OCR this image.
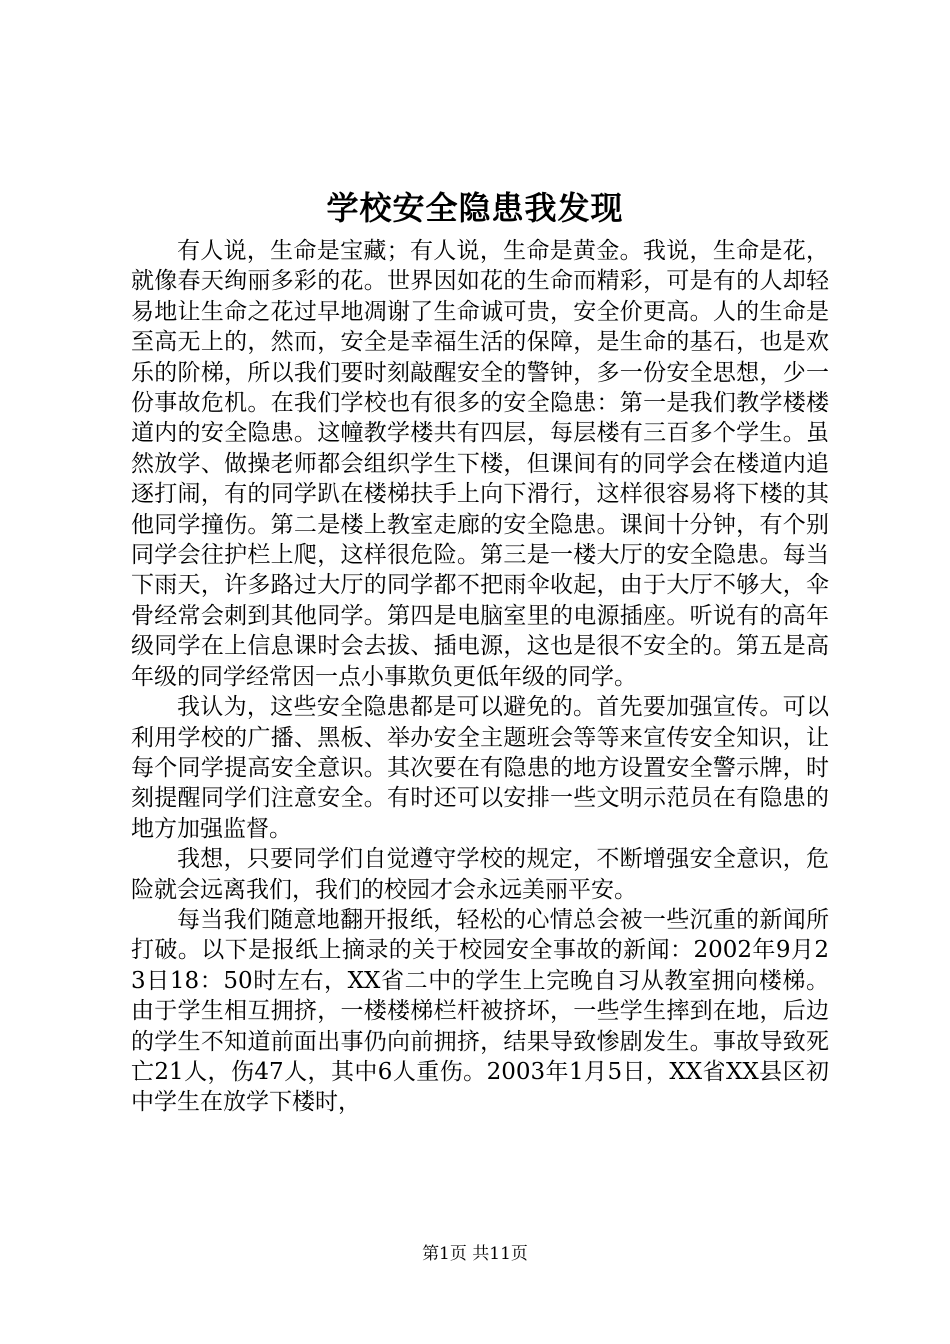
学校安全隐患我发现

有人说，生命是宝藏；有人说，生命是黄金。我说，生命是花，就像春天绚丽多彩的花。世界因如花的生命而精彩，可是有的人却轻易地让生命之花过早地凋谢了生命诚可贵，安全价更高。人的生命是至高无上的，然而，安全是幸福生活的保障，是生命的基石，也是欢乐的阶梯，所以我们要时刻敲醒安全的警钟，多一份安全思想，少一份事故危机。在我们学校也有很多的安全隐患：第一是我们教学楼楼道内的安全隐患。这幢教学楼共有四层，每层楼有三百多个学生。虽然放学、做操老师都会组织学生下楼，但课间有的同学会在楼道内追逐打闹，有的同学趴在楼梯扶手上向下滑行，这样很容易将下楼的其他同学撞伤。第二是楼上教室走廊的安全隐患。课间十分钟，有个别同学会往护栏上爬，这样很危险。第三是一楼大厅的安全隐患。每当下雨天，许多路过大厅的同学都不把雨伞收起，由于大厅不够大，伞骨经常会刺到其他同学。第四是电脑室里的电源插座。听说有的高年级同学在上信息课时会去拔、插电源，这也是很不安全的。第五是高年级的同学经常因一点小事欺负更低年级的同学。

我认为，这些安全隐患都是可以避免的。首先要加强宣传。可以利用学校的广播、黑板、举办安全主题班会等等来宣传安全知识，让每个同学提高安全意识。其次要在有隐患的地方设置安全警示牌，时刻提醒同学们注意安全。有时还可以安排一些文明示范员在有隐患的地方加强监督。

我想，只要同学们自觉遵守学校的规定，不断增强安全意识，危险就会远离我们，我们的校园才会永远美丽平安。

每当我们随意地翻开报纸，轻松的心情总会被一些沉重的新闻所打破。以下是报纸上摘录的关于校园安全事故的新闻：2002年9月23日18：50时左右，XX省二中的学生上完晚自习从教室拥向楼梯。由于学生相互拥挤，一楼楼梯栏杆被挤坏，一些学生摔到在地，后边的学生不知道前面出事仍向前拥挤，结果导致惨剧发生。事故导致死亡21人，伤47人，其中6人重伤。2003年1月5日，XX省XX县区初中学生在放学下楼时，

第1页 共11页
